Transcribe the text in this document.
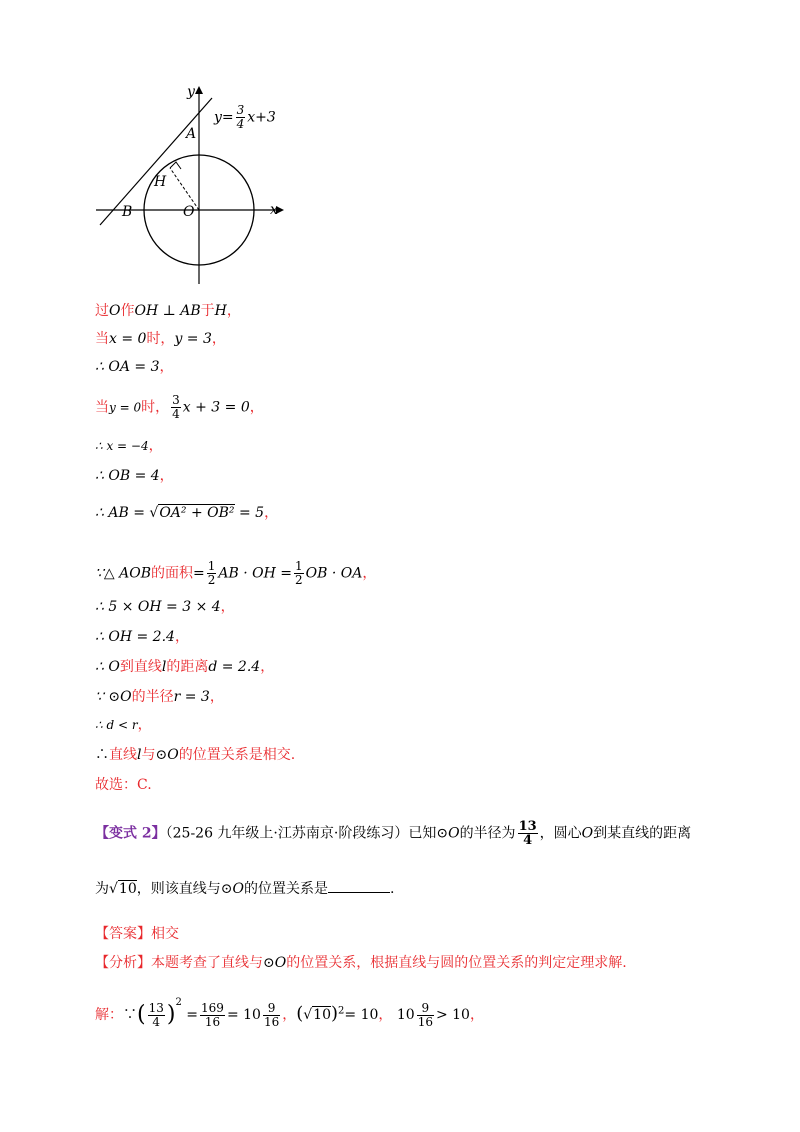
y
x
A
B
H
O
$y= \frac{3}{4} x+3$
过O作OH ⊥ AB于H，
当x = 0时，y = 3，
∴ OA = 3，
当y = 0时， $\frac{3}{4}$ x + 3 = 0，
∴ x = −4，
∴ OB = 4，
∴ AB = √OA² + OB² = 5，
∵△ AOB的面积= $\frac{1}{2}$ AB · OH = $\frac{1}{2}$ OB · OA，
∴ 5 × OH = 3 × 4，
∴ OH = 2.4，
∴ O到直线l的距离d = 2.4，
∵ ⊙O的半径r = 3，
∴ d < r，
∴直线l与⊙O的位置关系是相交.
故选：C.
【变式 2】（25-26 九年级上·江苏南京·阶段练习）已知⊙O的半径为 $\frac{13}{4}$ ，圆心O到某直线的距离
为√10，则该直线与⊙O的位置关系是	.
【答案】相交
【分析】本题考查了直线与⊙O的位置关系，根据直线与圆的位置关系的判定定理求解.
解：∵( $\frac{13}{4} )^2 = \frac{169}{16} = 10 \frac{9}{16}$ ，$(√10)^2= 10$， $10 \frac{9}{16} > 10$，
